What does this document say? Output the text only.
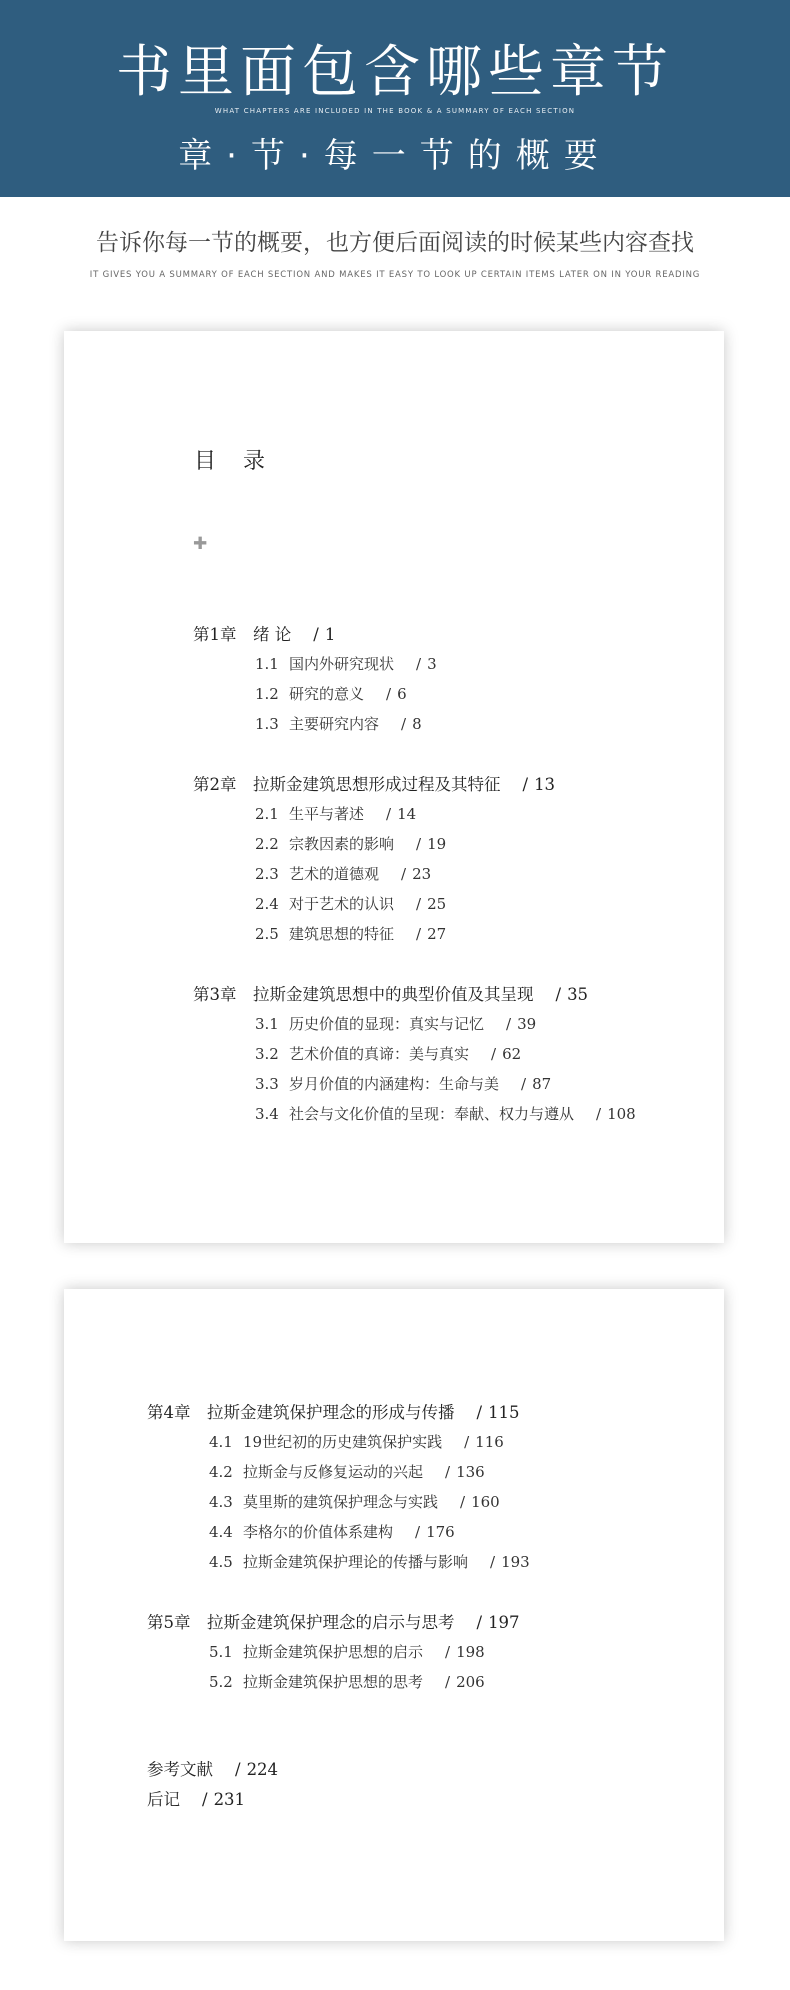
书里面包含哪些章节
WHAT CHAPTERS ARE INCLUDED IN THE BOOK & A SUMMARY OF EACH SECTION
章·节·每一节的概要
告诉你每一节的概要，也方便后面阅读的时候某些内容查找
IT GIVES YOU A SUMMARY OF EACH SECTION AND MAKES IT EASY TO LOOK UP CERTAIN ITEMS LATER ON IN YOUR READING
目 录
✚
第1章 绪 论 / 1
1.1 国内外研究现状 / 3
1.2 研究的意义 / 6
1.3 主要研究内容 / 8
第2章 拉斯金建筑思想形成过程及其特征 / 13
2.1 生平与著述 / 14
2.2 宗教因素的影响 / 19
2.3 艺术的道德观 / 23
2.4 对于艺术的认识 / 25
2.5 建筑思想的特征 / 27
第3章 拉斯金建筑思想中的典型价值及其呈现 / 35
3.1 历史价值的显现：真实与记忆 / 39
3.2 艺术价值的真谛：美与真实 / 62
3.3 岁月价值的内涵建构：生命与美 / 87
3.4 社会与文化价值的呈现：奉献、权力与遵从 / 108
第4章 拉斯金建筑保护理念的形成与传播 / 115
4.1 19世纪初的历史建筑保护实践 / 116
4.2 拉斯金与反修复运动的兴起 / 136
4.3 莫里斯的建筑保护理念与实践 / 160
4.4 李格尔的价值体系建构 / 176
4.5 拉斯金建筑保护理论的传播与影响 / 193
第5章 拉斯金建筑保护理念的启示与思考 / 197
5.1 拉斯金建筑保护思想的启示 / 198
5.2 拉斯金建筑保护思想的思考 / 206
参考文献 / 224
后记 / 231
